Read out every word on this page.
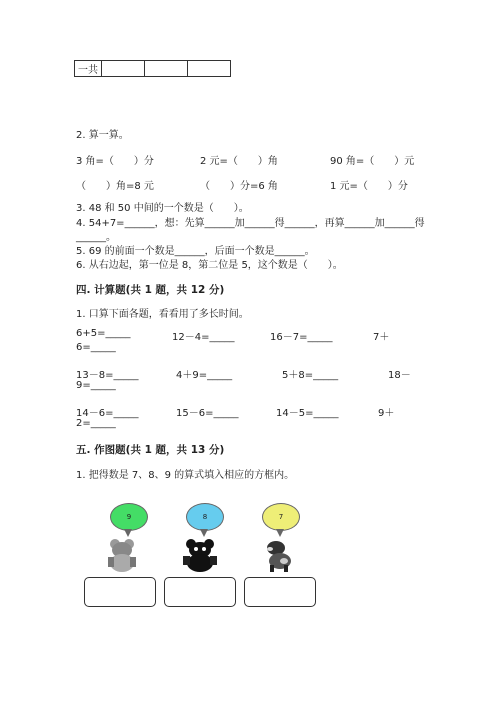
一共			
2. 算一算。
3 角=（　　）分	2 元=（　　）角	90 角=（　　）元
（　　）角=8 元	（　　）分=6 角	1 元=（　　）分
3. 48 和 50 中间的一个数是（　　）。
4. 54+7=______，想：先算______加______得______，再算______加______得
______。
5. 69 的前面一个数是______，后面一个数是______。
6. 从右边起，第一位是 8，第二位是 5，这个数是（　　）。
四. 计算题(共 1 题，共 12 分)
1. 口算下面各题，看看用了多长时间。
6+5=_____	12－4=_____	16－7=_____	7＋
6=_____
13－8=_____	4＋9=_____	5＋8=_____	18－
9=_____
14－6=_____	15－6=_____	14－5=_____	9＋
2=_____
五. 作图题(共 1 题，共 13 分)
1. 把得数是 7、8、9 的算式填入相应的方框内。
9	8	7
